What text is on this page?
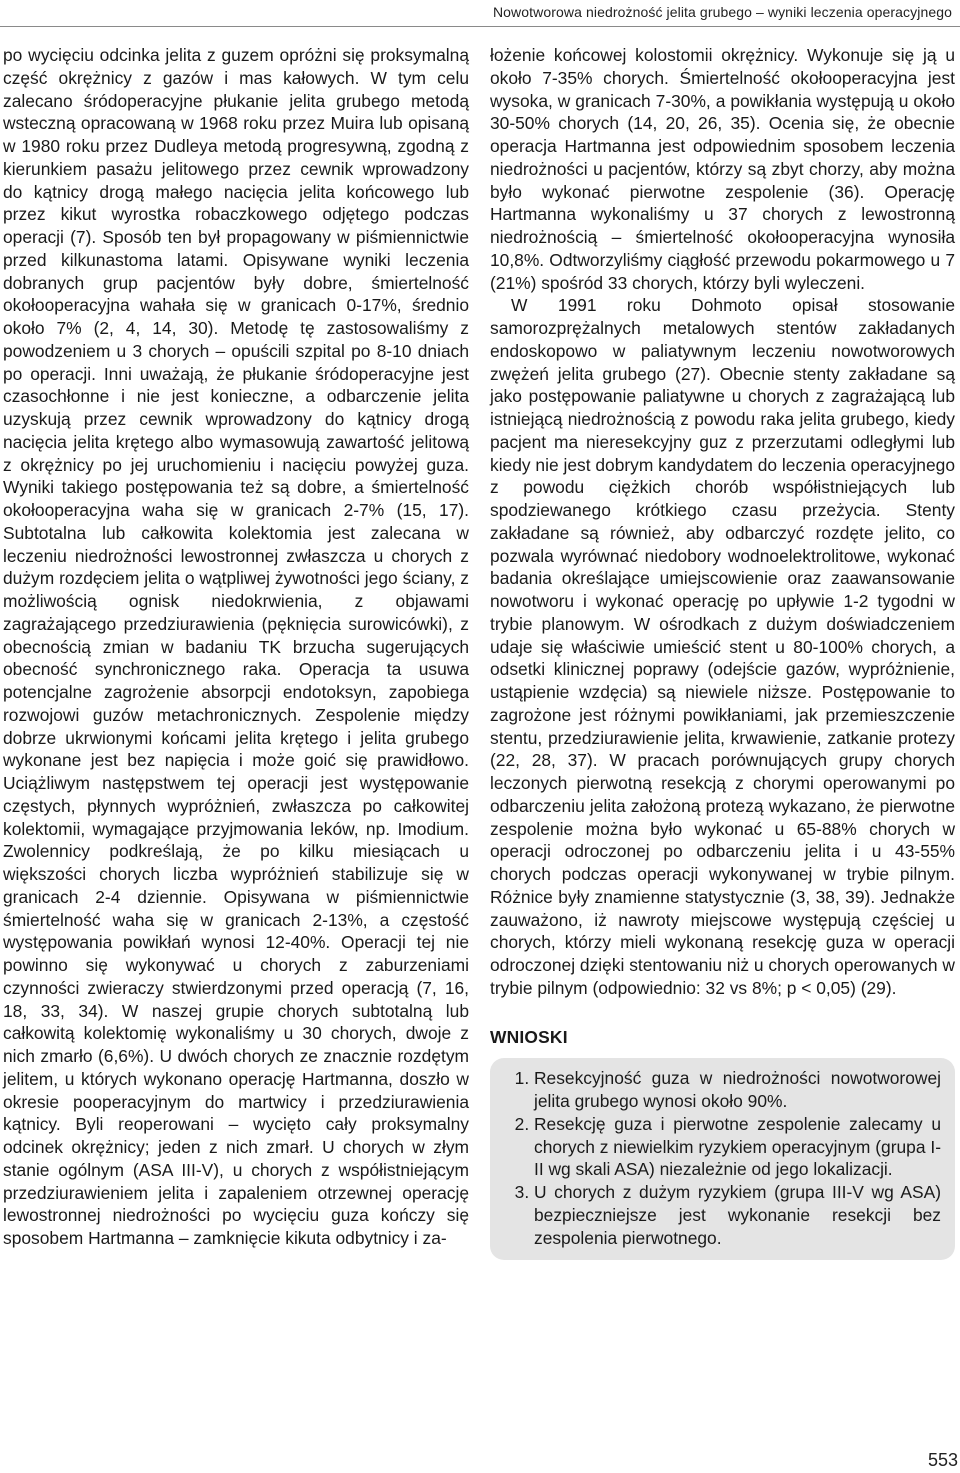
Nowotworowa niedrożność jelita grubego – wyniki leczenia operacyjnego

po wycięciu odcinka jelita z guzem opróżni się proksymalną część okrężnicy z gazów i mas kałowych. W tym celu zalecano śródoperacyjne płukanie jelita grubego metodą wsteczną opracowaną w 1968 roku przez Muira lub opisaną w 1980 roku przez Dudleya metodą progresywną, zgodną z kierunkiem pasażu jelitowego przez cewnik wprowadzony do kątnicy drogą małego nacięcia jelita końcowego lub przez kikut wyrostka robaczkowego odjętego podczas operacji (7). Sposób ten był propagowany w piśmiennictwie przed kilkunastoma latami. Opisywane wyniki leczenia dobranych grup pacjentów były dobre, śmiertelność okołooperacyjna wahała się w granicach 0-17%, średnio około 7% (2, 4, 14, 30). Metodę tę zastosowaliśmy z powodzeniem u 3 chorych – opuścili szpital po 8-10 dniach po operacji. Inni uważają, że płukanie śródoperacyjne jest czasochłonne i nie jest konieczne, a odbarczenie jelita uzyskują przez cewnik wprowadzony do kątnicy drogą nacięcia jelita krętego albo wymasowują zawartość jelitową z okrężnicy po jej uruchomieniu i nacięciu powyżej guza. Wyniki takiego postępowania też są dobre, a śmiertelność okołooperacyjna waha się w granicach 2-7% (15, 17). Subtotalna lub całkowita kolektomia jest zalecana w leczeniu niedrożności lewostronnej zwłaszcza u chorych z dużym rozdęciem jelita o wątpliwej żywotności jego ściany, z możliwością ognisk niedokrwienia, z objawami zagrażającego przedziurawienia (pęknięcia surowicówki), z obecnością zmian w badaniu TK brzucha sugerujących obecność synchronicznego raka. Operacja ta usuwa potencjalne zagrożenie absorpcji endotoksyn, zapobiega rozwojowi guzów metachronicznych. Zespolenie między dobrze ukrwionymi końcami jelita krętego i jelita grubego wykonane jest bez napięcia i może goić się prawidłowo. Uciążliwym następstwem tej operacji jest występowanie częstych, płynnych wypróżnień, zwłaszcza po całkowitej kolektomii, wymagające przyjmowania leków, np. Imodium. Zwolennicy podkreślają, że po kilku miesiącach u większości chorych liczba wypróżnień stabilizuje się w granicach 2-4 dziennie. Opisywana w piśmiennictwie śmiertelność waha się w granicach 2-13%, a częstość występowania powikłań wynosi 12-40%. Operacji tej nie powinno się wykonywać u chorych z zaburzeniami czynności zwieraczy stwierdzonymi przed operacją (7, 16, 18, 33, 34). W naszej grupie chorych subtotalną lub całkowitą kolektomię wykonaliśmy u 30 chorych, dwoje z nich zmarło (6,6%). U dwóch chorych ze znacznie rozdętym jelitem, u których wykonano operację Hartmanna, doszło w okresie pooperacyjnym do martwicy i przedziurawienia kątnicy. Byli reoperowani – wycięto cały proksymalny odcinek okrężnicy; jeden z nich zmarł. U chorych w złym stanie ogólnym (ASA III-V), u chorych z współistniejącym przedziurawieniem jelita i zapaleniem otrzewnej operację lewostronnej niedrożności po wycięciu guza kończy się sposobem Hartmanna – zamknięcie kikuta odbytnicy i za-

łożenie końcowej kolostomii okrężnicy. Wykonuje się ją u około 7-35% chorych. Śmiertelność okołooperacyjna jest wysoka, w granicach 7-30%, a powikłania występują u około 30-50% chorych (14, 20, 26, 35). Ocenia się, że obecnie operacja Hartmanna jest odpowiednim sposobem leczenia niedrożności u pacjentów, którzy są zbyt chorzy, aby można było wykonać pierwotne zespolenie (36). Operację Hartmanna wykonaliśmy u 37 chorych z lewostronną niedrożnością – śmiertelność okołooperacyjna wynosiła 10,8%. Odtworzyliśmy ciągłość przewodu pokarmowego u 7 (21%) spośród 33 chorych, którzy byli wyleczeni.

W 1991 roku Dohmoto opisał stosowanie samorozprężalnych metalowych stentów zakładanych endoskopowo w paliatywnym leczeniu nowotworowych zwężeń jelita grubego (27). Obecnie stenty zakładane są jako postępowanie paliatywne u chorych z zagrażającą lub istniejącą niedrożnością z powodu raka jelita grubego, kiedy pacjent ma nieresekcyjny guz z przerzutami odległymi lub kiedy nie jest dobrym kandydatem do leczenia operacyjnego z powodu ciężkich chorób współistniejących lub spodziewanego krótkiego czasu przeżycia. Stenty zakładane są również, aby odbarczyć rozdęte jelito, co pozwala wyrównać niedobory wodnoelektrolitowe, wykonać badania określające umiejscowienie oraz zaawansowanie nowotworu i wykonać operację po upływie 1-2 tygodni w trybie planowym. W ośrodkach z dużym doświadczeniem udaje się właściwie umieścić stent u 80-100% chorych, a odsetki klinicznej poprawy (odejście gazów, wypróżnienie, ustąpienie wzdęcia) są niewiele niższe. Postępowanie to zagrożone jest różnymi powikłaniami, jak przemieszczenie stentu, przedziurawienie jelita, krwawienie, zatkanie protezy (22, 28, 37). W pracach porównujących grupy chorych leczonych pierwotną resekcją z chorymi operowanymi po odbarczeniu jelita założoną protezą wykazano, że pierwotne zespolenie można było wykonać u 65-88% chorych w operacji odroczonej po odbarczeniu jelita i u 43-55% chorych podczas operacji wykonywanej w trybie pilnym. Różnice były znamienne statystycznie (3, 38, 39). Jednakże zauważono, iż nawroty miejscowe występują częściej u chorych, którzy mieli wykonaną resekcję guza w operacji odroczonej dzięki stentowaniu niż u chorych operowanych w trybie pilnym (odpowiednio: 32 vs 8%; p < 0,05) (29).

WNIOSKI
1. Resekcyjność guza w niedrożności nowotworowej jelita grubego wynosi około 90%.
2. Resekcję guza i pierwotne zespolenie zalecamy u chorych z niewielkim ryzykiem operacyjnym (grupa I-II wg skali ASA) niezależnie od jego lokalizacji.
3. U chorych z dużym ryzykiem (grupa III-V wg ASA) bezpieczniejsze jest wykonanie resekcji bez zespolenia pierwotnego.
553
